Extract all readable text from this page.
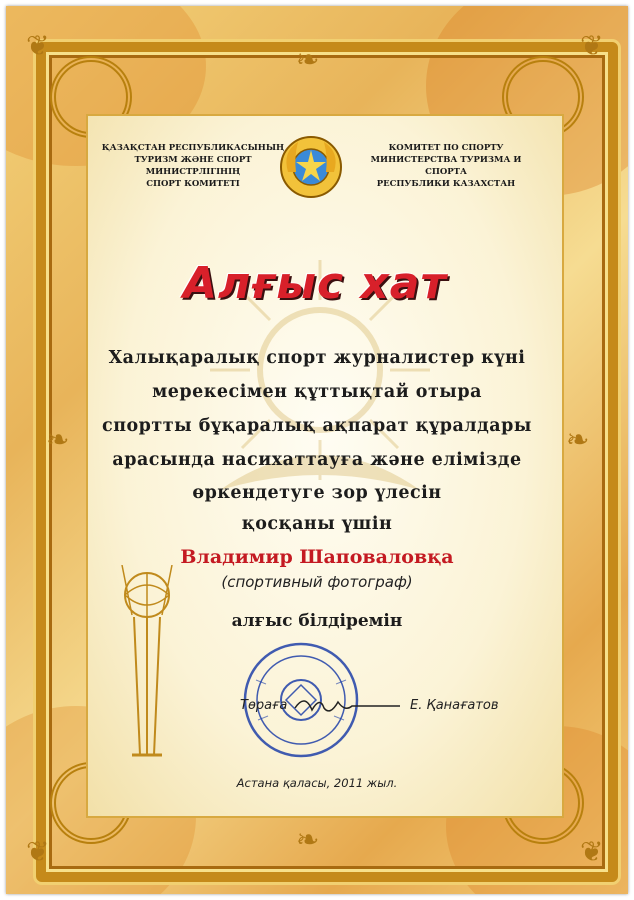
❦	❦
❦	❦
❧
❧
❧	❧
ҚАЗАҚСТАН РЕСПУБЛИКАСЫНЫҢ
ТУРИЗМ ЖӘНЕ СПОРТ МИНИСТРЛІГІНІҢ
СПОРТ КОМИТЕТІ
КОМИТЕТ ПО СПОРТУ
МИНИСТЕРСТВА ТУРИЗМА И СПОРТА
РЕСПУБЛИКИ КАЗАХСТАН
Алғыс хат
Халықаралық спорт журналистер күні
мерекесімен құттықтай отыра
спортты бұқаралық ақпарат құралдары
арасында насихаттауға және елімізде
өркендетуге зор үлесін
қосқаны үшін
Владимир Шаповаловқа
(спортивный фотограф)
алғыс білдіремін
Төраға	Е. Қанағатов
Астана қаласы, 2011 жыл.
